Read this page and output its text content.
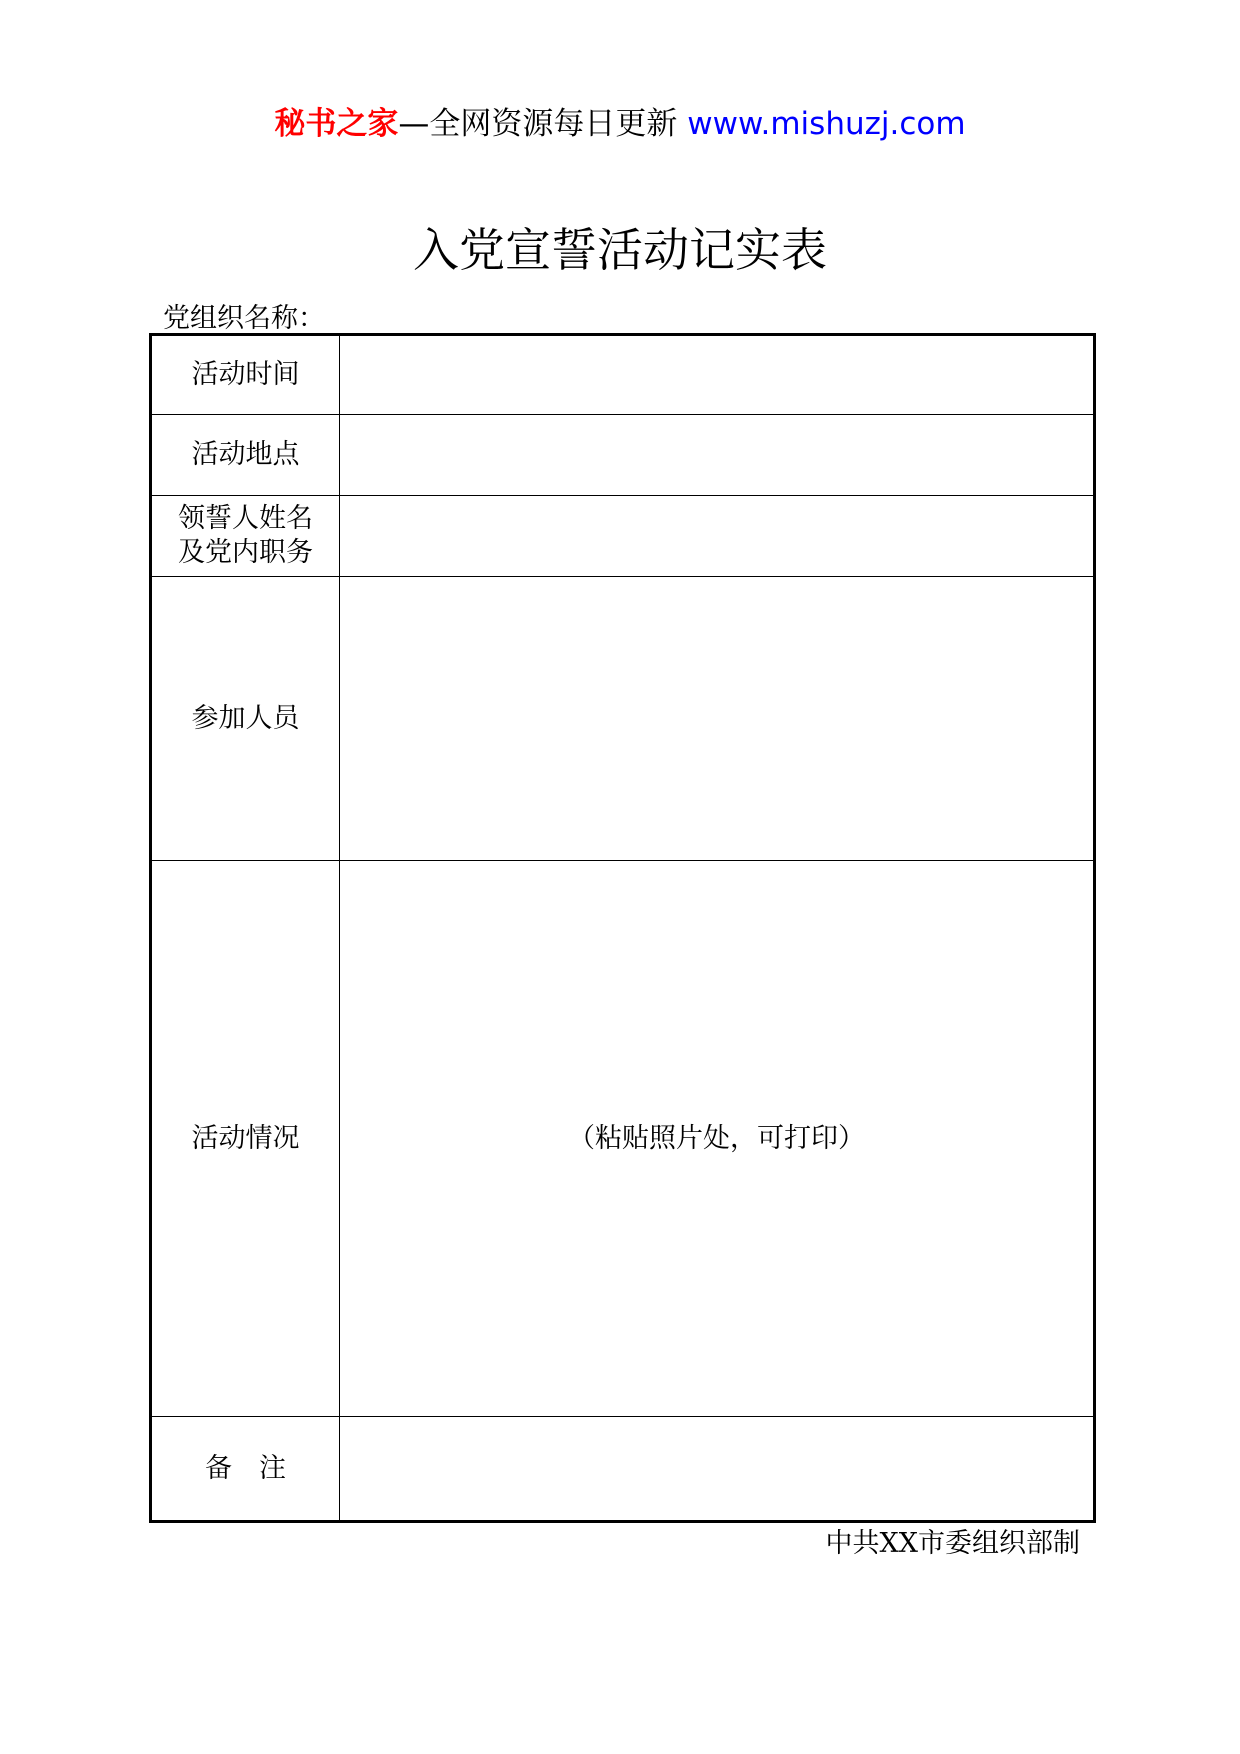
秘书之家—全网资源每日更新 www.mishuzj.com
入党宣誓活动记实表
党组织名称：
活动时间	
活动地点	

领誓人姓名
及党内职务	

参加人员	
活动情况	（粘贴照片处，可打印）
备　注	
中共XX市委组织部制
